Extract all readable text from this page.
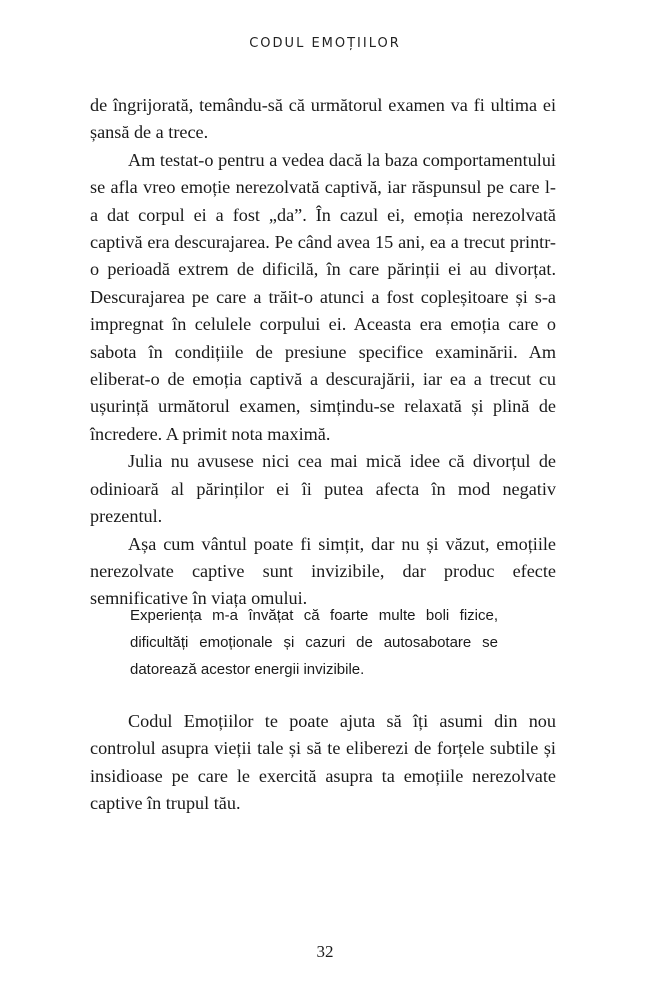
CODUL EMOȚIILOR

de îngrijorată, temându-să că următorul examen va fi ultima ei șansă de a trece.

Am testat-o pentru a vedea dacă la baza comportamentului se afla vreo emoție nerezolvată captivă, iar răspunsul pe care l-a dat corpul ei a fost „da”. În cazul ei, emoția nerezolvată captivă era descurajarea. Pe când avea 15 ani, ea a trecut printr-o perioadă extrem de dificilă, în care părinții ei au divorțat. Descurajarea pe care a trăit-o atunci a fost copleșitoare și s-a impregnat în celulele corpului ei. Aceasta era emoția care o sabota în condițiile de presiune specifice examinării. Am eliberat-o de emoția captivă a descurajării, iar ea a trecut cu ușurință următorul examen, simțindu-se relaxată și plină de încredere. A primit nota maximă.

Julia nu avusese nici cea mai mică idee că divorțul de odinioară al părinților ei îi putea afecta în mod negativ prezentul.

Așa cum vântul poate fi simțit, dar nu și văzut, emoțiile nerezolvate captive sunt invizibile, dar produc efecte semnificative în viața omului.

Experiența m-a învățat că foarte multe boli fizice, dificultăți emoționale și cazuri de autosabotare se datorează acestor energii invizibile.

Codul Emoțiilor te poate ajuta să îți asumi din nou controlul asupra vieții tale și să te eliberezi de forțele subtile și insidioase pe care le exercită asupra ta emoțiile nerezolvate captive în trupul tău.

32
